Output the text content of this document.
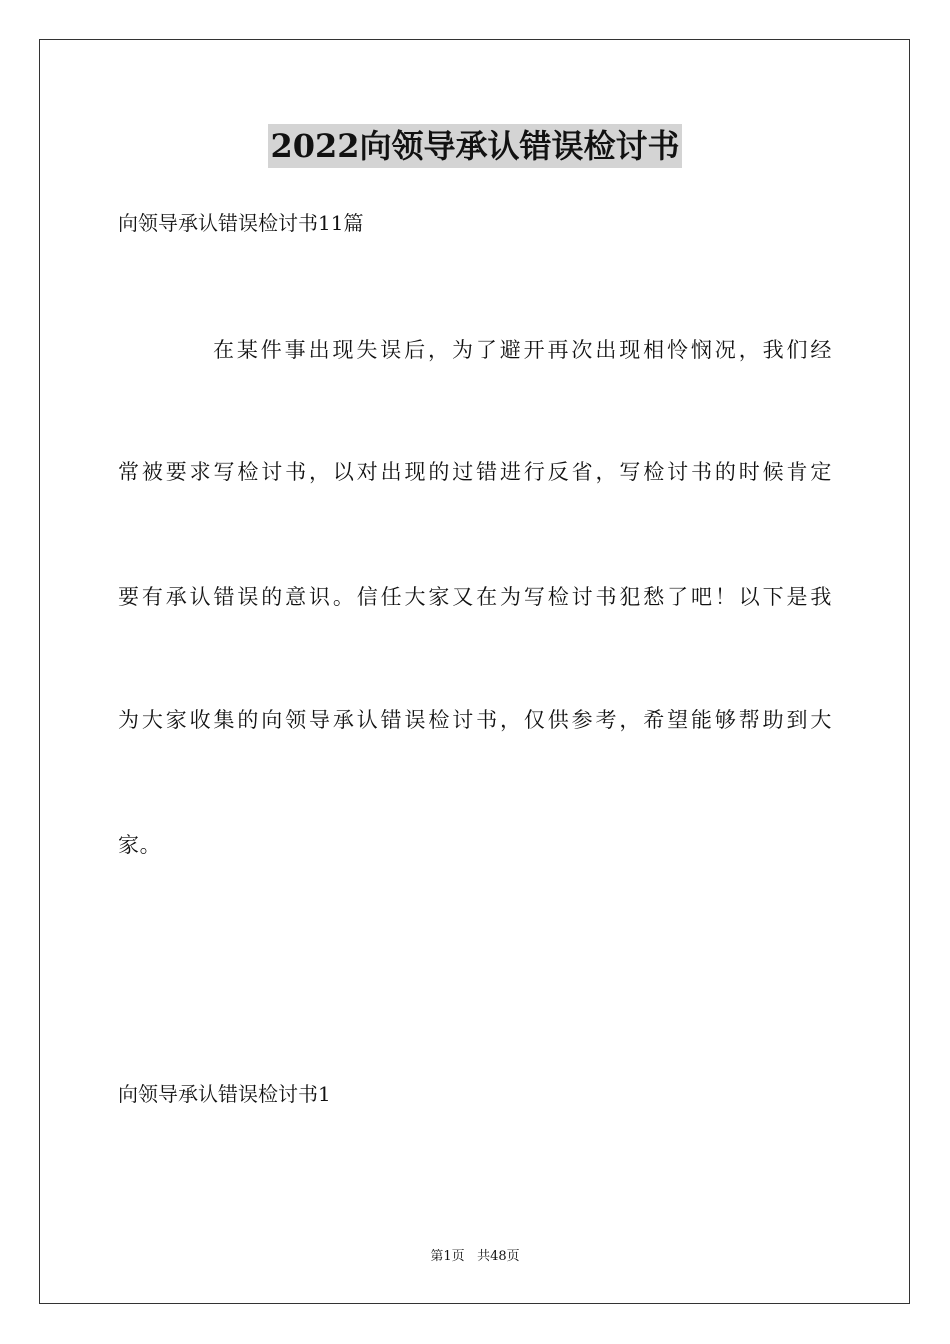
2022向领导承认错误检讨书
向领导承认错误检讨书11篇
在某件事出现失误后，为了避开再次出现相怜悯况，我们经
常被要求写检讨书，以对出现的过错进行反省，写检讨书的时候肯定
要有承认错误的意识。信任大家又在为写检讨书犯愁了吧！以下是我
为大家收集的向领导承认错误检讨书，仅供参考，希望能够帮助到大
家。
向领导承认错误检讨书1
第1页 共48页
